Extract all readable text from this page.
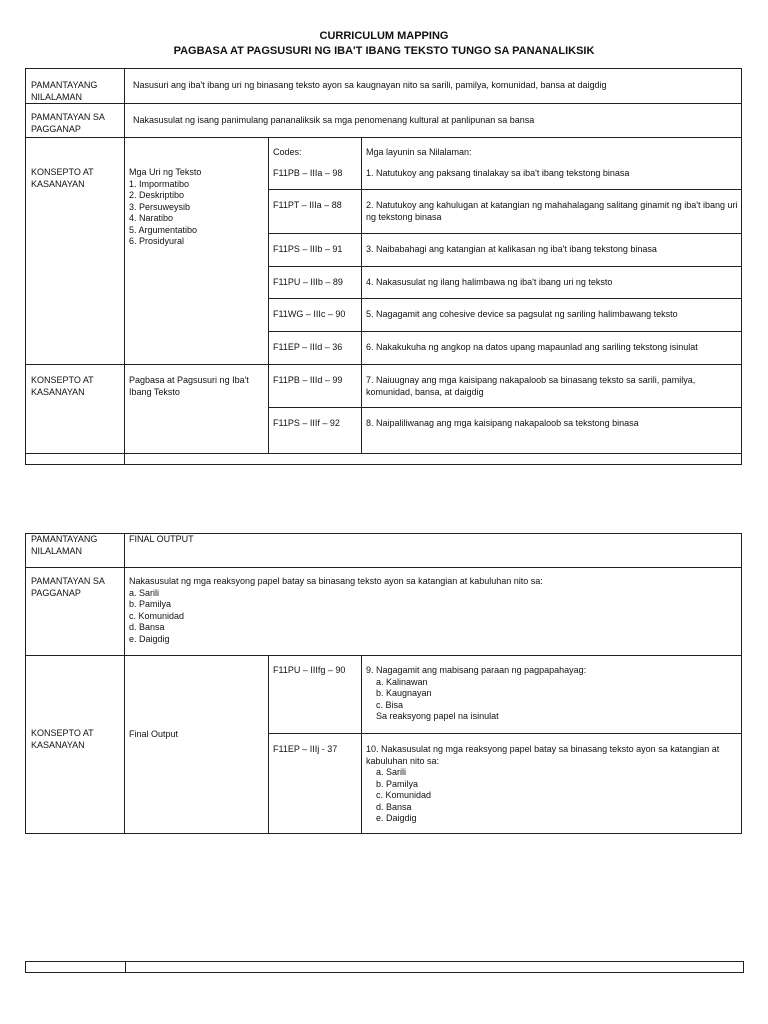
CURRICULUM MAPPING
PAGBASA AT PAGSUSURI NG IBA'T IBANG TEKSTO TUNGO SA PANANALIKSIK
PAMANTAYANG NILALAMAN
Nasusuri ang iba't ibang uri ng binasang teksto ayon sa kaugnayan nito sa sarili, pamilya, komunidad, bansa at daigdig
PAMANTAYAN SA PAGGANAP
Nakasusulat ng isang panimulang pananaliksik sa mga penomenang kultural at panlipunan sa bansa
KONSEPTO AT KASANAYAN
Mga Uri ng Teksto
1. Impormatibo
2. Deskriptibo
3. Persuweysib
4. Naratibo
5. Argumentatibo
6. Prosidyural
Codes:	Mga layunin sa Nilalaman:
F11PB – IIIa – 98	1. Natutukoy ang paksang tinalakay sa iba't ibang tekstong binasa
F11PT – IIIa – 88	2. Natutukoy ang kahulugan at katangian ng mahahalagang salitang ginamit ng iba't ibang uri ng tekstong binasa
F11PS – IIIb – 91	3. Naibabahagi ang katangian at kalikasan ng iba't ibang tekstong binasa
F11PU – IIIb – 89	4. Nakasusulat ng ilang halimbawa ng iba't ibang uri ng teksto
F11WG – IIIc – 90 5. Nagagamit ang cohesive device sa pagsulat ng sariling halimbawang teksto
F11EP – IIId – 36	6. Nakakukuha ng angkop na datos upang mapaunlad ang sariling tekstong isinulat
KONSEPTO AT KASANAYAN
Pagbasa at Pagsusuri ng Iba't Ibang Teksto
F11PB – IIId – 99	7. Naiuugnay ang mga kaisipang nakapaloob sa binasang teksto sa sarili, pamilya, komunidad, bansa, at daigdig
F11PS – IIIf – 92	8. Naipaliliwanag ang mga kaisipang nakapaloob sa tekstong binasa
PAMANTAYANG NILALAMAN
FINAL OUTPUT
PAMANTAYAN SA PAGGANAP
Nakasusulat ng mga reaksyong papel batay sa binasang teksto ayon sa katangian at kabuluhan nito sa:
a. Sarili
b. Pamilya
c. Komunidad
d. Bansa
e. Daigdig
KONSEPTO AT KASANAYAN
Final Output
F11PU – IIIfg – 90 9. Nagagamit ang mabisang paraan ng pagpapahayag:
a. Kalinawan
b. Kaugnayan
c. Bisa
Sa reaksyong papel na isinulat
F11EP – IIIj - 37	10. Nakasusulat ng mga reaksyong papel batay sa binasang teksto ayon sa katangian at kabuluhan nito sa:
a. Sarili
b. Pamilya
c. Komunidad
d. Bansa
e. Daigdig
